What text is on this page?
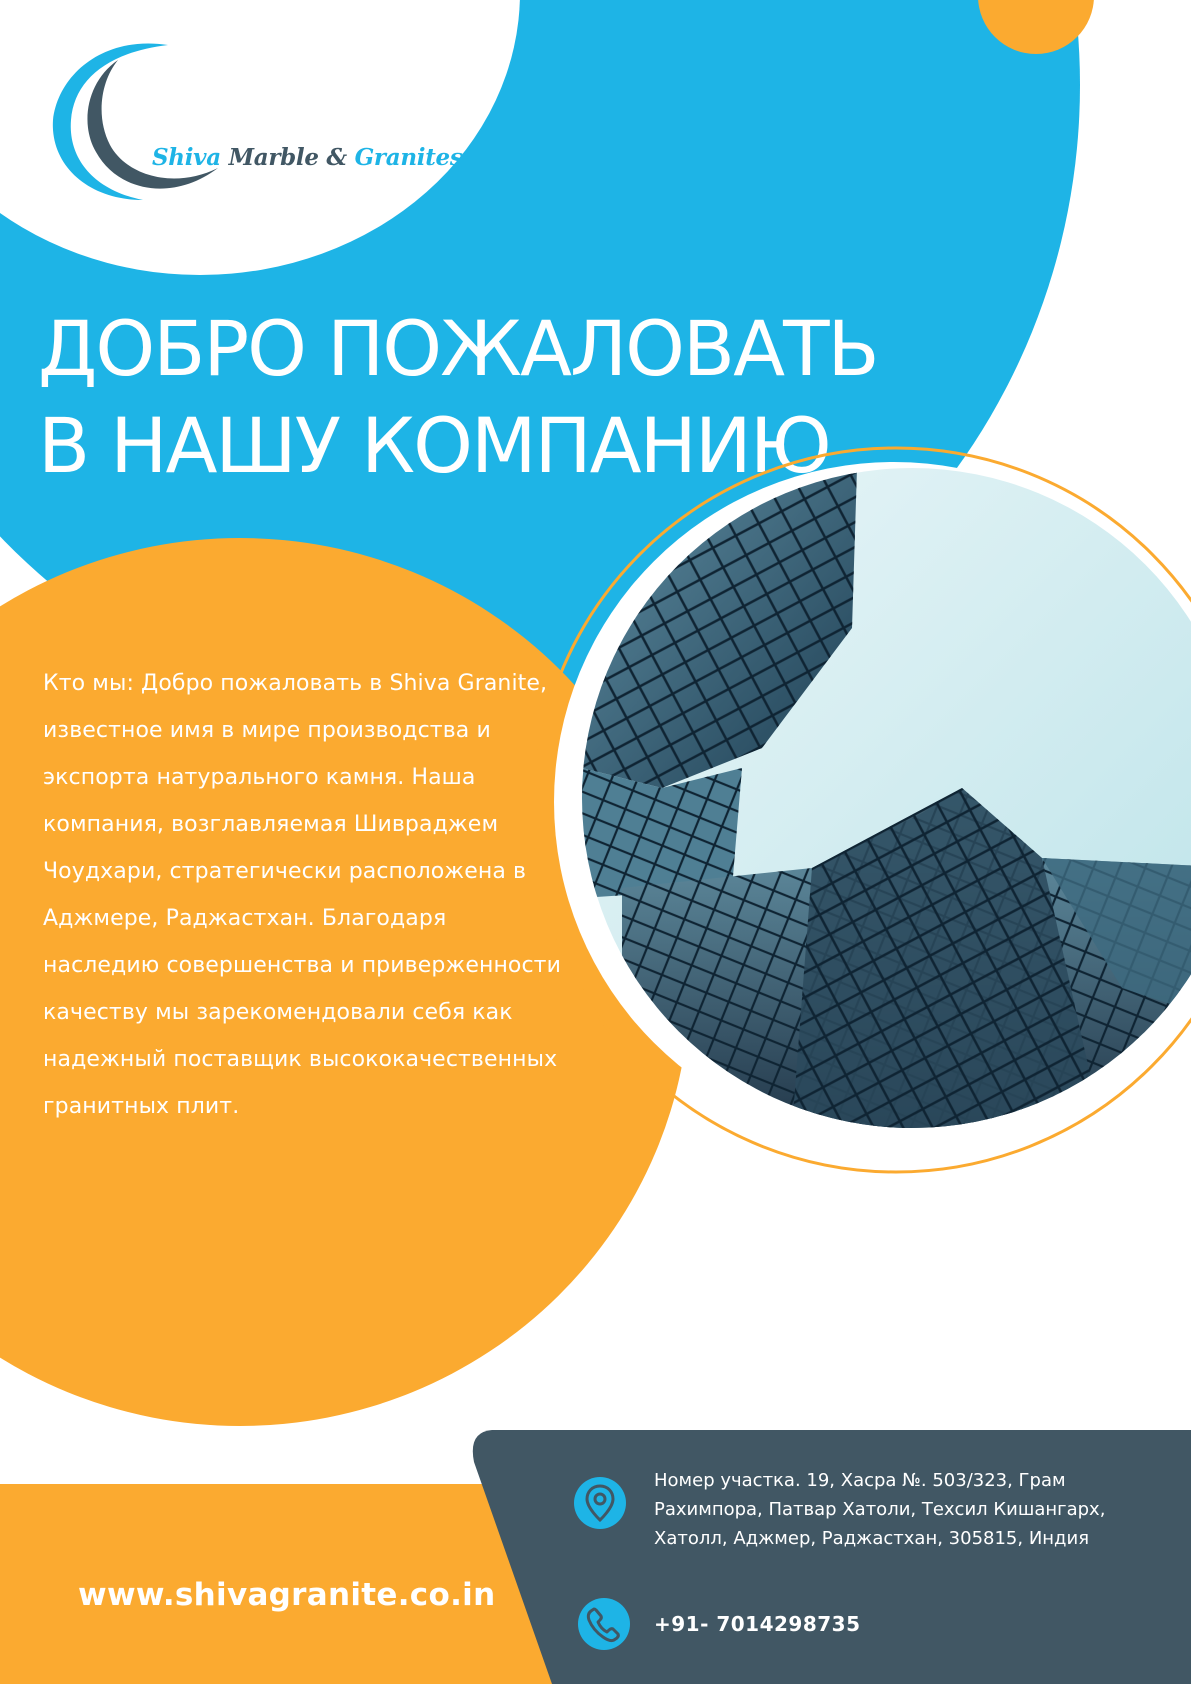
Shiva Marble & Granites
ДОБРО ПОЖАЛОВАТЬ
В НАШУ КОМПАНИЮ

Кто мы: Добро пожаловать в Shiva Granite, известное имя в мире производства и экспорта натурального камня. Наша компания, возглавляемая Шивраджем Чоудхари, стратегически расположена в Аджмере, Раджастхан. Благодаря наследию совершенства и приверженности качеству мы зарекомендовали себя как надежный поставщик высококачественных гранитных плит.

www.shivagranite.co.in

Номер участка. 19, Хасра №. 503/323, Грам Рахимпора, Патвар Хатоли, Техсил Кишангарх, Хатолл, Аджмер, Раджастхан, 305815, Индия

+91- 7014298735
